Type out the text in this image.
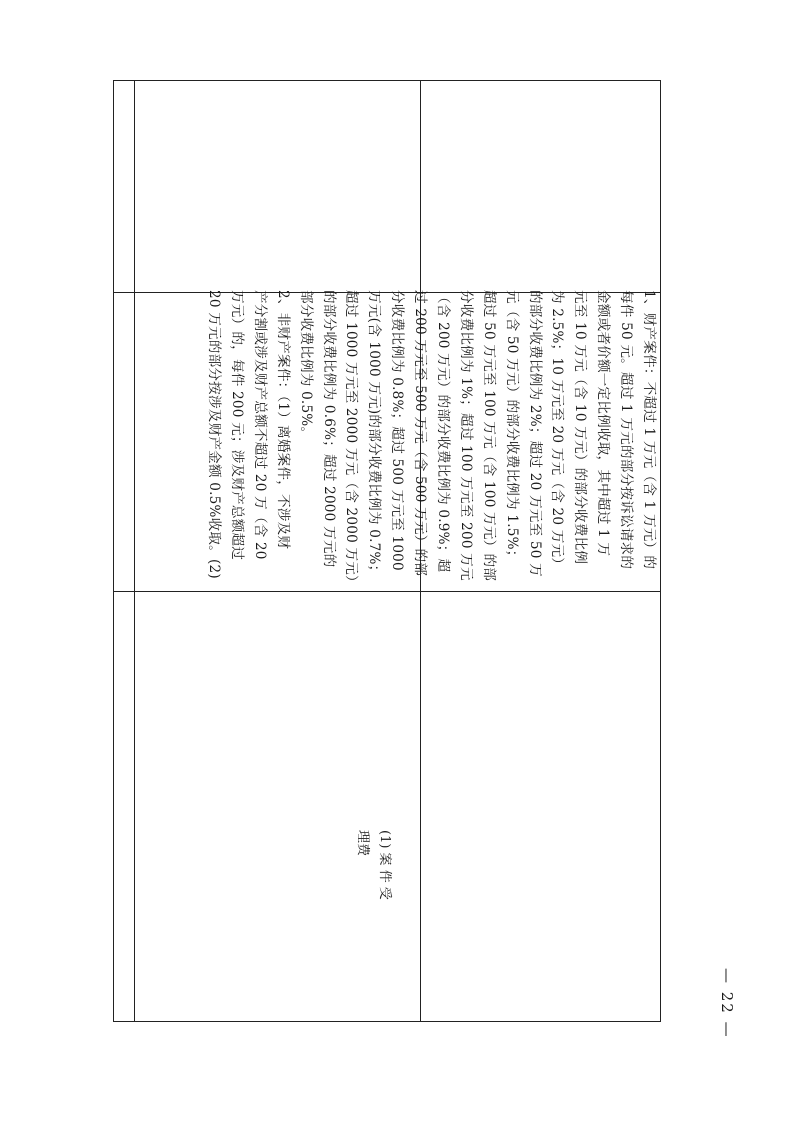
1、财产案件：不超过 1 万元（含 1 万元）的
每件 50 元。超过 1 万元的部分按诉讼请求的
金额或者价额一定比例收取，其中超过 1 万
元至 10 万元（含 10 万元）的部分收费比例
为 2.5%；10 万元至 20 万元（含 20 万元）
的部分收费比例为 2%；超过 20 万元至 50 万
元（含 50 万元）的部分收费比例为 1.5%；
超过 50 万元至 100 万元（含 100 万元）的部
分收费比例为 1%；超过 100 万元至 200 万元
（含 200 万元）的部分收费比例为 0.9%；超
过 200 万元至 500 万元（含 500 万元）的部
分收费比例为 0.8%；超过 500 万元至 1000
万元(含 1000 万元)的部分收费比例为 0.7%；
超过 1000 万元至 2000 万元（含 2000 万元）
的部分收费比例为 0.6%；超过 2000 万元的
部分收费比例为 0.5%。
2、非财产案件：（1）离婚案件，不涉及财
产分割或涉及财产总额不超过 20 万（含 20
万元）的，每件 200 元；涉及财产总额超过
20 万元的部分按涉及财产金额 0.5%收取。(2)
(1) 案 件 受
理费
— 22 —
